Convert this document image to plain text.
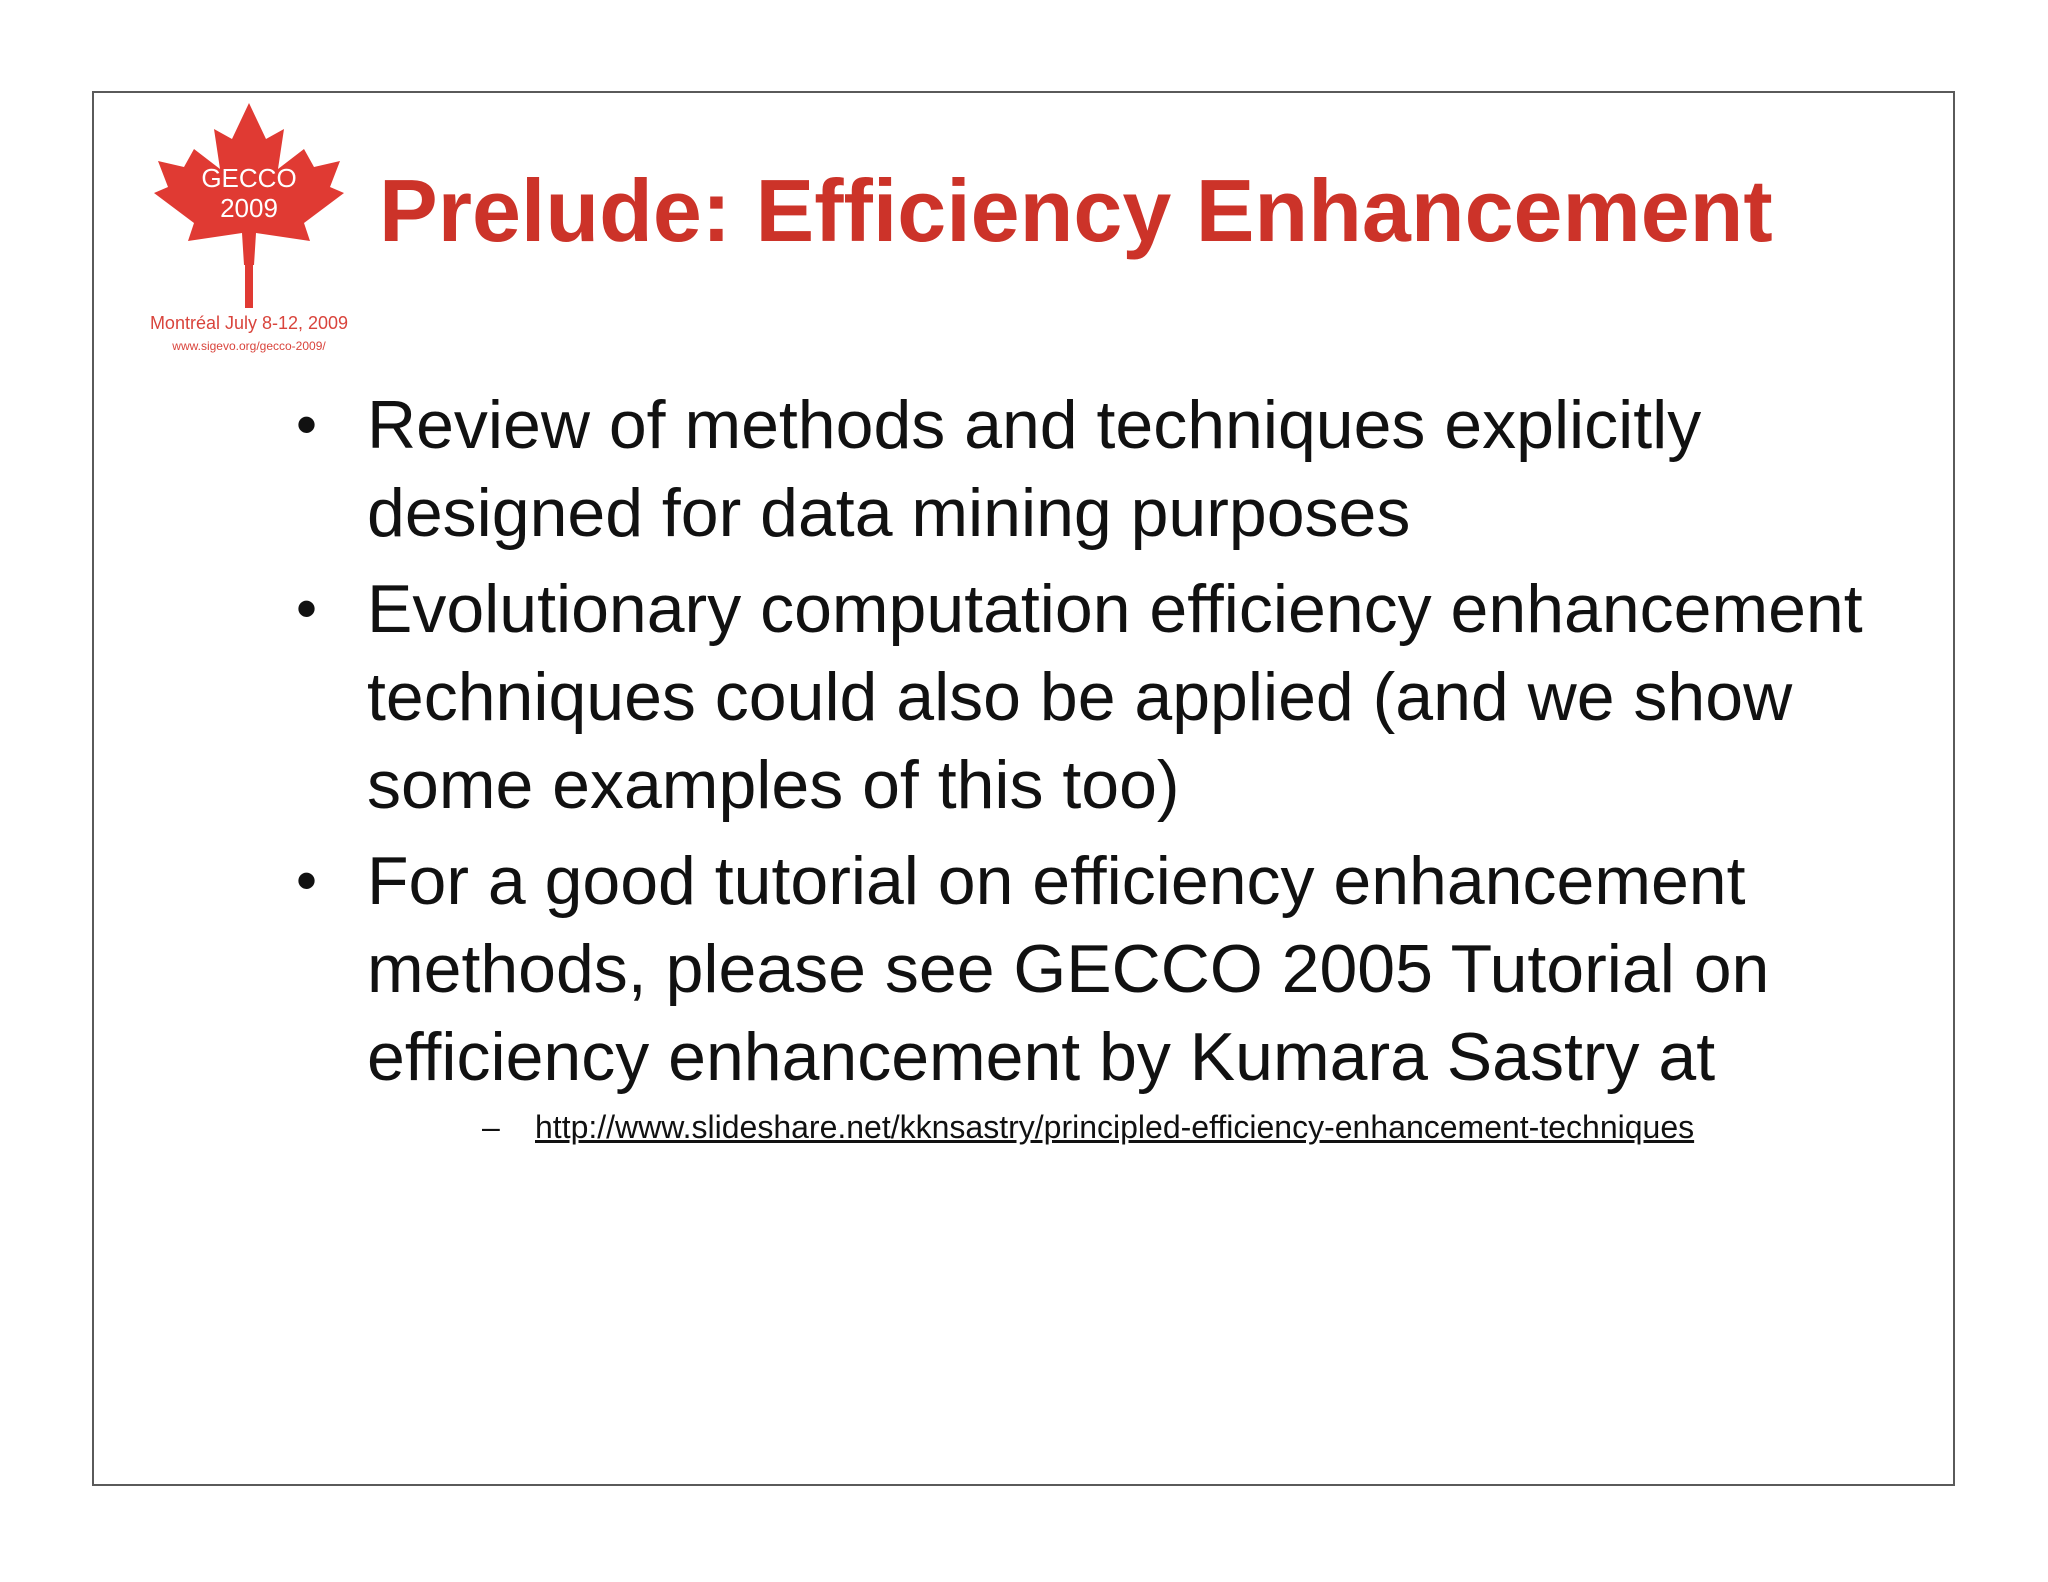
GECCO
2009
Montréal July 8-12, 2009
www.sigevo.org/gecco-2009/
Prelude: Efficiency Enhancement
• Review of methods and techniques explicitly designed for data mining purposes
• Evolutionary computation efficiency enhancement techniques could also be applied (and we show some examples of this too)
• For a good tutorial on efficiency enhancement methods, please see GECCO 2005 Tutorial on efficiency enhancement by Kumara Sastry at
– http://www.slideshare.net/kknsastry/principled-efficiency-enhancement-techniques
